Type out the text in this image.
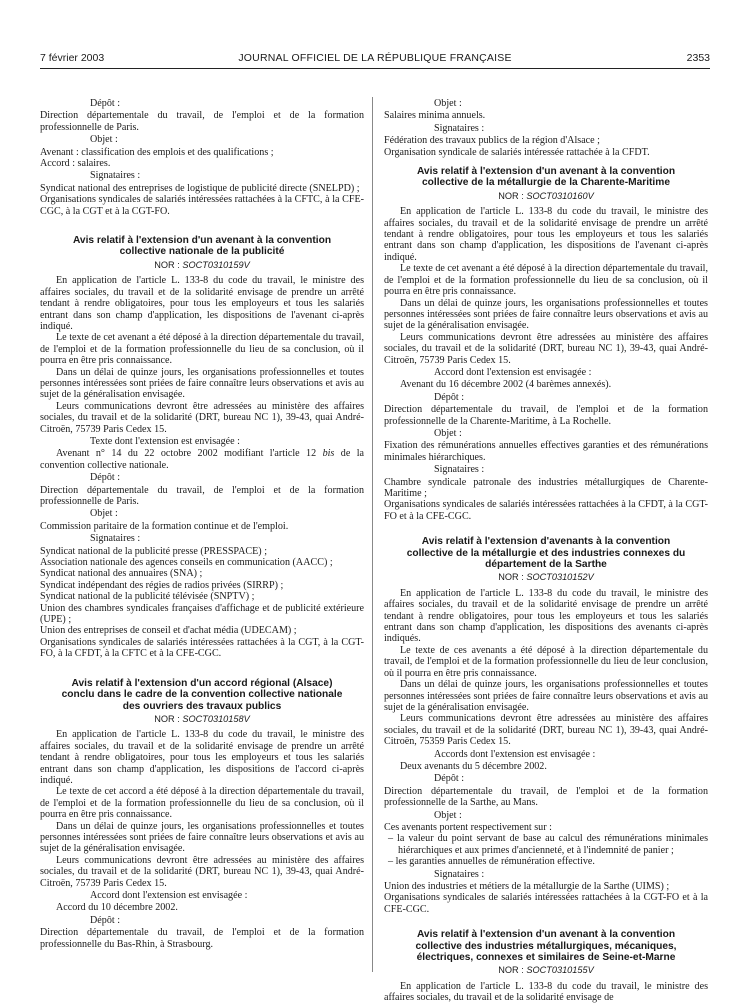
7 février 2003	JOURNAL OFFICIEL DE LA RÉPUBLIQUE FRANÇAISE	2353

Dépôt :

Direction départementale du travail, de l'emploi et de la formation professionnelle de Paris.

Objet :

Avenant : classification des emplois et des qualifications ;

Accord : salaires.

Signataires :

Syndicat national des entreprises de logistique de publicité directe (SNELPD) ;

Organisations syndicales de salariés intéressées rattachées à la CFTC, à la CFE-CGC, à la CGT et à la CGT-FO.

Avis relatif à l'extension d'un avenant à la convention collective nationale de la publicité

NOR : SOCT0310159V

En application de l'article L. 133-8 du code du travail, le ministre des affaires sociales, du travail et de la solidarité envisage de prendre un arrêté tendant à rendre obligatoires, pour tous les employeurs et tous les salariés entrant dans son champ d'application, les dispositions de l'avenant ci-après indiqué.

Le texte de cet avenant a été déposé à la direction départementale du travail, de l'emploi et de la formation professionnelle du lieu de sa conclusion, où il pourra en être pris connaissance.

Dans un délai de quinze jours, les organisations professionnelles et toutes personnes intéressées sont priées de faire connaître leurs observations et avis au sujet de la généralisation envisagée.

Leurs communications devront être adressées au ministère des affaires sociales, du travail et de la solidarité (DRT, bureau NC 1), 39-43, quai André-Citroën, 75739 Paris Cedex 15.

Texte dont l'extension est envisagée :

Avenant n° 14 du 22 octobre 2002 modifiant l'article 12 bis de la convention collective nationale.

Dépôt :

Direction départementale du travail, de l'emploi et de la formation professionnelle de Paris.

Objet :

Commission paritaire de la formation continue et de l'emploi.

Signataires :

Syndicat national de la publicité presse (PRESSPACE) ;

Association nationale des agences conseils en communication (AACC) ;

Syndicat national des annuaires (SNA) ;

Syndicat indépendant des régies de radios privées (SIRRP) ;

Syndicat national de la publicité télévisée (SNPTV) ;

Union des chambres syndicales françaises d'affichage et de publicité extérieure (UPE) ;

Union des entreprises de conseil et d'achat média (UDECAM) ;

Organisations syndicales de salariés intéressées rattachées à la CGT, à la CGT-FO, à la CFDT, à la CFTC et à la CFE-CGC.

Avis relatif à l'extension d'un accord régional (Alsace) conclu dans le cadre de la convention collective nationale des ouvriers des travaux publics

NOR : SOCT0310158V

En application de l'article L. 133-8 du code du travail, le ministre des affaires sociales, du travail et de la solidarité envisage de prendre un arrêté tendant à rendre obligatoires, pour tous les employeurs et tous les salariés entrant dans son champ d'application, les dispositions de l'accord ci-après indiqué.

Le texte de cet accord a été déposé à la direction départementale du travail, de l'emploi et de la formation professionnelle du lieu de sa conclusion, où il pourra en être pris connaissance.

Dans un délai de quinze jours, les organisations professionnelles et toutes personnes intéressées sont priées de faire connaître leurs observations et avis au sujet de la généralisation envisagée.

Leurs communications devront être adressées au ministère des affaires sociales, du travail et de la solidarité (DRT, bureau NC 1), 39-43, quai André-Citroën, 75739 Paris Cedex 15.

Accord dont l'extension est envisagée :

Accord du 10 décembre 2002.

Dépôt :

Direction départementale du travail, de l'emploi et de la formation professionnelle du Bas-Rhin, à Strasbourg.

Objet :

Salaires minima annuels.

Signataires :

Fédération des travaux publics de la région d'Alsace ;

Organisation syndicale de salariés intéressée rattachée à la CFDT.

Avis relatif à l'extension d'un avenant à la convention collective de la métallurgie de la Charente-Maritime

NOR : SOCT0310160V

En application de l'article L. 133-8 du code du travail, le ministre des affaires sociales, du travail et de la solidarité envisage de prendre un arrêté tendant à rendre obligatoires, pour tous les employeurs et tous les salariés entrant dans son champ d'application, les dispositions de l'avenant ci-après indiqué.

Le texte de cet avenant a été déposé à la direction départementale du travail, de l'emploi et de la formation professionnelle du lieu de sa conclusion, où il pourra en être pris connaissance.

Dans un délai de quinze jours, les organisations professionnelles et toutes personnes intéressées sont priées de faire connaître leurs observations et avis au sujet de la généralisation envisagée.

Leurs communications devront être adressées au ministère des affaires sociales, du travail et de la solidarité (DRT, bureau NC 1), 39-43, quai André-Citroën, 75739 Paris Cedex 15.

Accord dont l'extension est envisagée :

Avenant du 16 décembre 2002 (4 barèmes annexés).

Dépôt :

Direction départementale du travail, de l'emploi et de la formation professionnelle de la Charente-Maritime, à La Rochelle.

Objet :

Fixation des rémunérations annuelles effectives garanties et des rémunérations minimales hiérarchiques.

Signataires :

Chambre syndicale patronale des industries métallurgiques de Charente-Maritime ;

Organisations syndicales de salariés intéressées rattachées à la CFDT, à la CGT-FO et à la CFE-CGC.

Avis relatif à l'extension d'avenants à la convention collective de la métallurgie et des industries connexes du département de la Sarthe

NOR : SOCT0310152V

En application de l'article L. 133-8 du code du travail, le ministre des affaires sociales, du travail et de la solidarité envisage de prendre un arrêté tendant à rendre obligatoires, pour tous les employeurs et tous les salariés entrant dans son champ d'application, les dispositions des avenants ci-après indiqués.

Le texte de ces avenants a été déposé à la direction départementale du travail, de l'emploi et de la formation professionnelle du lieu de leur conclusion, où il pourra en être pris connaissance.

Dans un délai de quinze jours, les organisations professionnelles et toutes personnes intéressées sont priées de faire connaître leurs observations et avis au sujet de la généralisation envisagée.

Leurs communications devront être adressées au ministère des affaires sociales, du travail et de la solidarité (DRT, bureau NC 1), 39-43, quai André-Citroën, 75359 Paris Cedex 15.

Accords dont l'extension est envisagée :

Deux avenants du 5 décembre 2002.

Dépôt :

Direction départementale du travail, de l'emploi et de la formation professionnelle de la Sarthe, au Mans.

Objet :

Ces avenants portent respectivement sur :

– la valeur du point servant de base au calcul des rémunérations minimales hiérarchiques et aux primes d'ancienneté, et à l'indemnité de panier ;

– les garanties annuelles de rémunération effective.

Signataires :

Union des industries et métiers de la métallurgie de la Sarthe (UIMS) ;

Organisations syndicales de salariés intéressées rattachées à la CGT-FO et à la CFE-CGC.

Avis relatif à l'extension d'un avenant à la convention collective des industries métallurgiques, mécaniques, électriques, connexes et similaires de Seine-et-Marne

NOR : SOCT0310155V

En application de l'article L. 133-8 du code du travail, le ministre des affaires sociales, du travail et de la solidarité envisage de
